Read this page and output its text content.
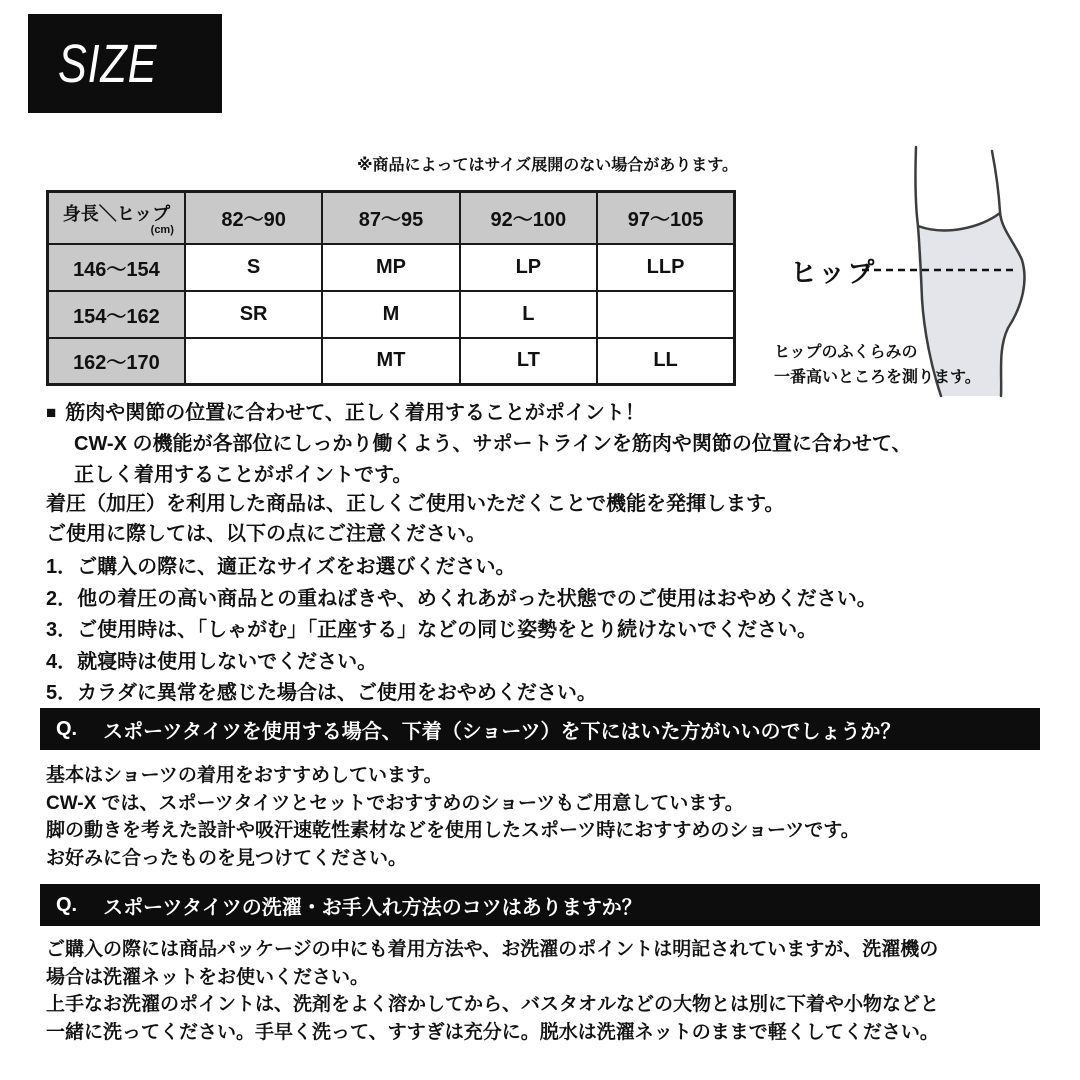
SIZE
※商品によってはサイズ展開のない場合があります。
身長＼ヒップ
(cm)	82～90	87～95	92～100	97～105
146～154	S	MP	LP	LLP
154～162	SR	M	L	
162～170		MT	LT	LL
ヒップ
ヒップのふくらみの
一番高いところを測ります。
■ 筋肉や関節の位置に合わせて、正しく着用することがポイント！
CW-X の機能が各部位にしっかり働くよう、サポートラインを筋肉や関節の位置に合わせて、
正しく着用することがポイントです。
着圧（加圧）を利用した商品は、正しくご使用いただくことで機能を発揮します。
ご使用に際しては、以下の点にご注意ください。
1．ご購入の際に、適正なサイズをお選びください。
2．他の着圧の高い商品との重ねばきや、めくれあがった状態でのご使用はおやめください。
3．ご使用時は、「しゃがむ」「正座する」などの同じ姿勢をとり続けないでください。
4．就寝時は使用しないでください。
5．カラダに異常を感じた場合は、ご使用をおやめください。
Q. スポーツタイツを使用する場合、下着（ショーツ）を下にはいた方がいいのでしょうか？
基本はショーツの着用をおすすめしています。
CW-X では、スポーツタイツとセットでおすすめのショーツもご用意しています。
脚の動きを考えた設計や吸汗速乾性素材などを使用したスポーツ時におすすめのショーツです。
お好みに合ったものを見つけてください。
Q. スポーツタイツの洗濯・お手入れ方法のコツはありますか？
ご購入の際には商品パッケージの中にも着用方法や、お洗濯のポイントは明記されていますが、洗濯機の
場合は洗濯ネットをお使いください。
上手なお洗濯のポイントは、洗剤をよく溶かしてから、バスタオルなどの大物とは別に下着や小物などと
一緒に洗ってください。手早く洗って、すすぎは充分に。脱水は洗濯ネットのままで軽くしてください。
